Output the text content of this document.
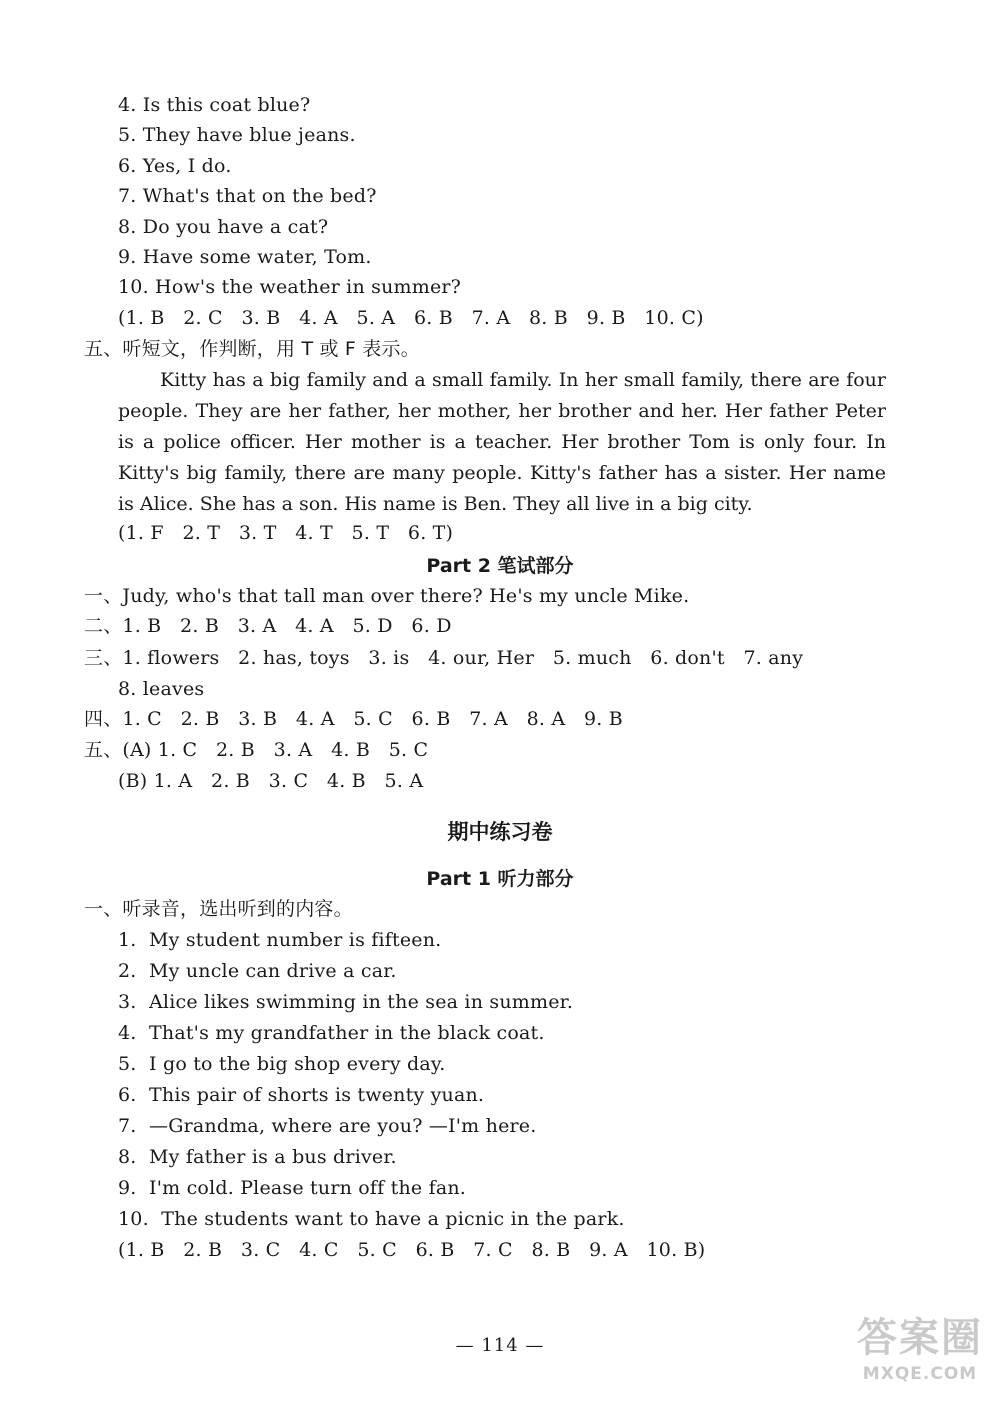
4. Is this coat blue?
5. They have blue jeans.
6. Yes, I do.
7. What's that on the bed?
8. Do you have a cat?
9. Have some water, Tom.
10. How's the weather in summer?
(1. B   2. C   3. B   4. A   5. A   6. B   7. A   8. B   9. B   10. C)
五、听短文，作判断，用 T 或 F 表示。
Kitty has a big family and a small family. In her small family, there are four people. They are her father, her mother, her brother and her. Her father Peter is a police officer. Her mother is a teacher. Her brother Tom is only four. In Kitty's big family, there are many people. Kitty's father has a sister. Her name is Alice. She has a son. His name is Ben. They all live in a big city.
(1. F   2. T   3. T   4. T   5. T   6. T)
Part 2 笔试部分
一、Judy, who's that tall man over there? He's my uncle Mike.
二、1. B   2. B   3. A   4. A   5. D   6. D
三、1. flowers   2. has, toys   3. is   4. our, Her   5. much   6. don't   7. any
8. leaves
四、1. C   2. B   3. B   4. A   5. C   6. B   7. A   8. A   9. B
五、(A) 1. C   2. B   3. A   4. B   5. C
(B) 1. A   2. B   3. C   4. B   5. A
期中练习卷
Part 1 听力部分
一、听录音，选出听到的内容。
1.  My student number is fifteen.
2.  My uncle can drive a car.
3.  Alice likes swimming in the sea in summer.
4.  That's my grandfather in the black coat.
5.  I go to the big shop every day.
6.  This pair of shorts is twenty yuan.
7.  —Grandma, where are you? —I'm here.
8.  My father is a bus driver.
9.  I'm cold. Please turn off the fan.
10.  The students want to have a picnic in the park.
(1. B   2. B   3. C   4. C   5. C   6. B   7. C   8. B   9. A   10. B)
— 114 —	答案圈
MXQE.COM
